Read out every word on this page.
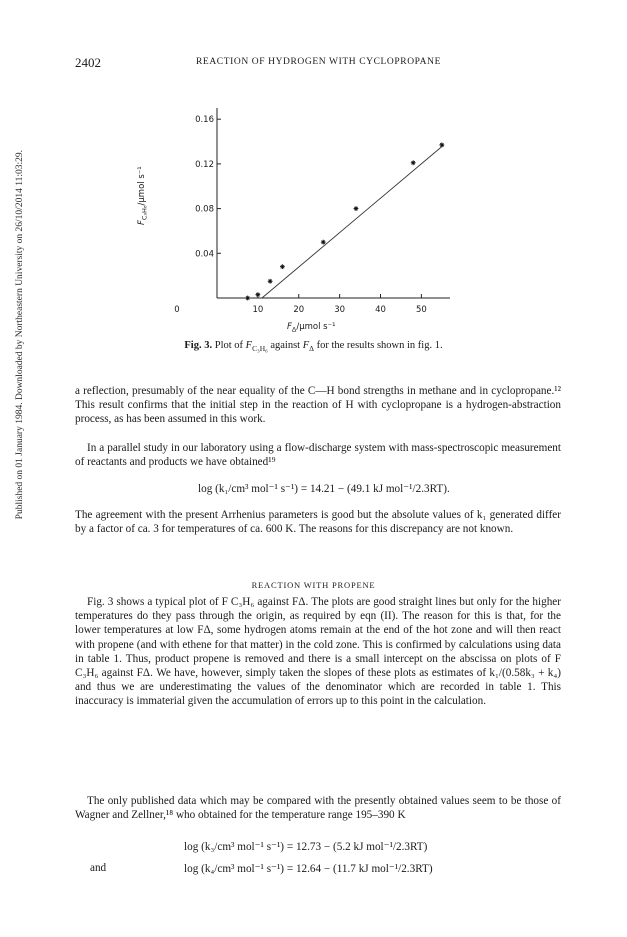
2402	REACTION OF HYDROGEN WITH CYCLOPROPANE
Published on 01 January 1984. Downloaded by Northeastern University on 26/10/2014 11:03:29.	0	10	20	30	40	50
0.04
0.08
0.12
0.16
$F_{C_3H_6}$/μmol s⁻¹
$F_\Delta$/μmol s⁻¹
Fig. 3. Plot of $F_{C_3H_6}$ against $F_\Delta$ for the results shown in fig. 1.

a reflection, presumably of the near equality of the C—H bond strengths in methane and in cyclopropane.¹² This result confirms that the initial step in the reaction of H with cyclopropane is a hydrogen-abstraction process, as has been assumed in this work.

In a parallel study in our laboratory using a flow-discharge system with mass-spectroscopic measurement of reactants and products we have obtained¹⁹

log (k₁/cm³ mol⁻¹ s⁻¹) = 14.21 − (49.1 kJ mol⁻¹/2.3RT).

The agreement with the present Arrhenius parameters is good but the absolute values of k₁ generated differ by a factor of ca. 3 for temperatures of ca. 600 K. The reasons for this discrepancy are not known.

REACTION WITH PROPENE

Fig. 3 shows a typical plot of F C₃H₆ against FΔ. The plots are good straight lines but only for the higher temperatures do they pass through the origin, as required by eqn (II). The reason for this is that, for the lower temperatures at low FΔ, some hydrogen atoms remain at the end of the hot zone and will then react with propene (and with ethene for that matter) in the cold zone. This is confirmed by calculations using data in table 1. Thus, product propene is removed and there is a small intercept on the abscissa on plots of F C₃H₆ against FΔ. We have, however, simply taken the slopes of these plots as estimates of k₁/(0.58k₃ + k₄) and thus we are underestimating the values of the denominator which are recorded in table 1. This inaccuracy is immaterial given the accumulation of errors up to this point in the calculation.

The only published data which may be compared with the presently obtained values seem to be those of Wagner and Zellner,¹⁸ who obtained for the temperature range 195–390 K

log (k₃/cm³ mol⁻¹ s⁻¹) = 12.73 − (5.2 kJ mol⁻¹/2.3RT)
and	log (k₄/cm³ mol⁻¹ s⁻¹) = 12.64 − (11.7 kJ mol⁻¹/2.3RT)
